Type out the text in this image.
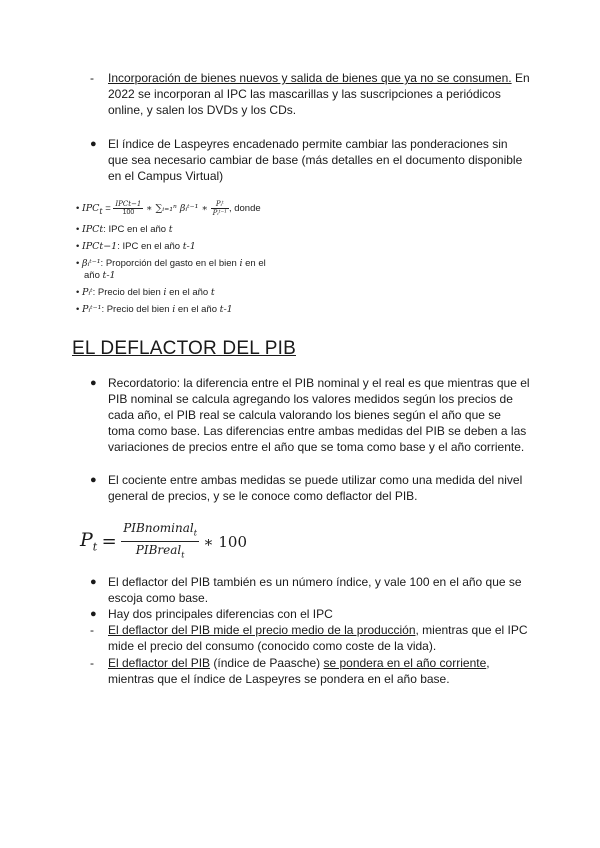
- Incorporación de bienes nuevos y salida de bienes que ya no se consumen. En 2022 se incorporan al IPC las mascarillas y las suscripciones a periódicos online, y salen los DVDs y los CDs.
● El índice de Laspeyres encadenado permite cambiar las ponderaciones sin que sea necesario cambiar de base (más detalles en el documento disponible en el Campus Virtual)
• $IPC_t = \frac{\text{IPCt−1}}{100}$ ∗ ∑ᵢ₌₁ⁿ βᵢᵗ⁻¹ ∗ $\frac{\text{Pᵢᵗ}}{\text{Pᵢᵗ⁻¹}}$ , donde
• IPCt: IPC en el año t
• IPCt−1: IPC en el año t-1
• βᵢᵗ⁻¹: Proporción del gasto en el bien i en el
año t-1
• Pᵢᵗ: Precio del bien i en el año t
• Pᵢᵗ⁻¹: Precio del bien i en el año t-1
EL DEFLACTOR DEL PIB
● Recordatorio: la diferencia entre el PIB nominal y el real es que mientras que el PIB nominal se calcula agregando los valores medidos según los precios de cada año, el PIB real se calcula valorando los bienes según el año que se toma como base. Las diferencias entre ambas medidas del PIB se deben a las variaciones de precios entre el año que se toma como base y el año corriente.
● El cociente entre ambas medidas se puede utilizar como una medida del nivel general de precios, y se le conoce como deflactor del PIB.
$P_t = \frac{PIBnominal_t}{PIBreal_t}$ ∗ 100
● El deflactor del PIB también es un número índice, y vale 100 en el año que se escoja como base.
● Hay dos principales diferencias con el IPC
- El deflactor del PIB mide el precio medio de la producción, mientras que el IPC mide el precio del consumo (conocido como coste de la vida).
- El deflactor del PIB (índice de Paasche) se pondera en el año corriente, mientras que el índice de Laspeyres se pondera en el año base.
